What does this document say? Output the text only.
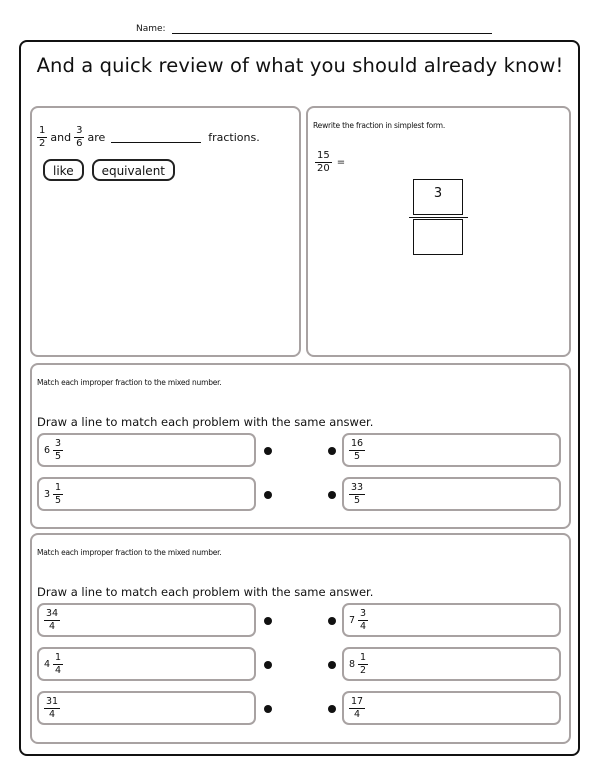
Name:
And a quick review of what you should already know!
$\frac{1}{2}$ and $\frac{3}{6}$ are	fractions.
like	equivalent
Rewrite the fraction in simplest form.
$\frac{15}{20}$ =
3
Match each improper fraction to the mixed number.
Draw a line to match each problem with the same answer.
$6 \frac{3}{5}$	$\frac{16}{5}$
$3 \frac{1}{5}$	$\frac{33}{5}$
Match each improper fraction to the mixed number.
Draw a line to match each problem with the same answer.
$\frac{34}{4}$	$7 \frac{3}{4}$
$4 \frac{1}{4}$	$8 \frac{1}{2}$
$\frac{31}{4}$	$\frac{17}{4}$
